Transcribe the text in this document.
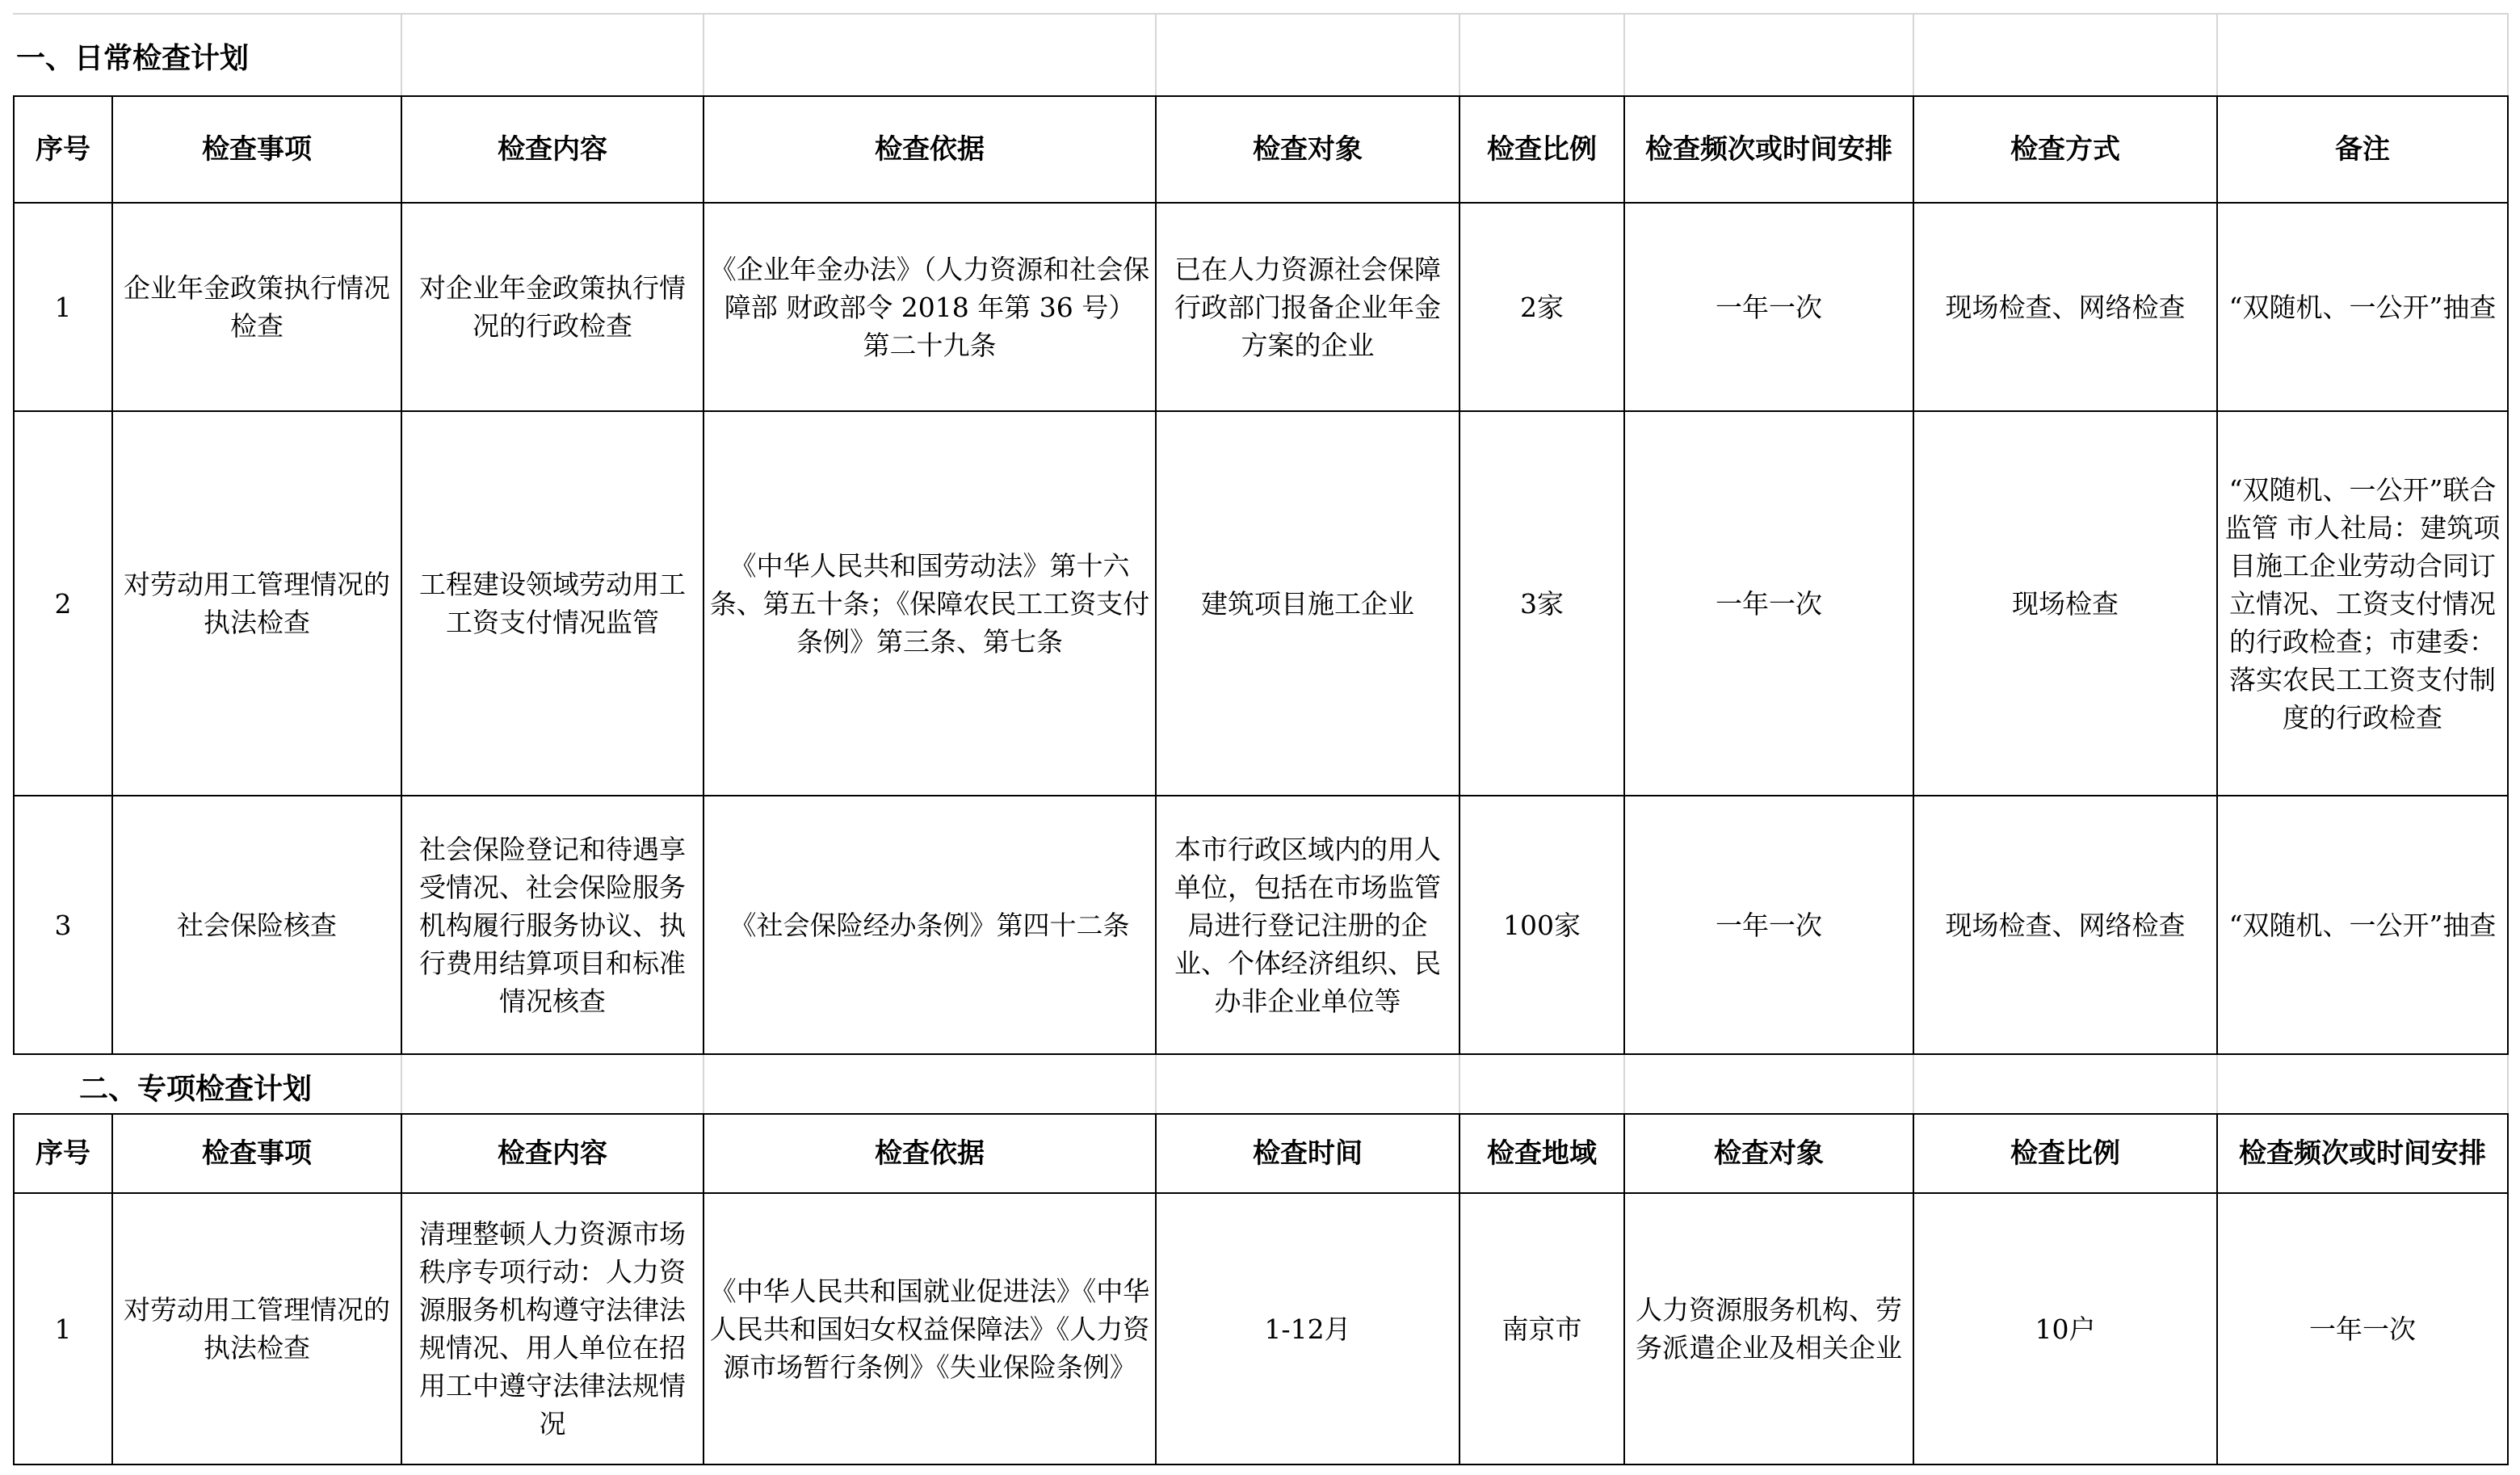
一、日常检查计划
序号	检查事项	检查内容	检查依据	检查对象	检查比例	检查频次或时间安排	检查方式	备注
1	企业年金政策执行情况检查	对企业年金政策执行情况的行政检查	《企业年金办法》（人力资源和社会保障部 财政部令 2018 年第 36 号） 第二十九条	已在人力资源社会保障行政部门报备企业年金方案的企业	2家	一年一次	现场检查、网络检查	“双随机、一公开”抽查
2	对劳动用工管理情况的执法检查	工程建设领域劳动用工工资支付情况监管	《中华人民共和国劳动法》第十六条、第五十条；《保障农民工工资支付条例》第三条、第七条	建筑项目施工企业	3家	一年一次	现场检查	“双随机、一公开”联合监管 市人社局：建筑项目施工企业劳动合同订立情况、工资支付情况的行政检查；市建委：落实农民工工资支付制度的行政检查
3	社会保险核查	社会保险登记和待遇享受情况、社会保险服务机构履行服务协议、执行费用结算项目和标准情况核查	《社会保险经办条例》第四十二条	本市行政区域内的用人单位，包括在市场监管局进行登记注册的企业、个体经济组织、民办非企业单位等	100家	一年一次	现场检查、网络检查	“双随机、一公开”抽查
二、专项检查计划
序号	检查事项	检查内容	检查依据	检查时间	检查地域	检查对象	检查比例	检查频次或时间安排
1	对劳动用工管理情况的执法检查	清理整顿人力资源市场秩序专项行动：人力资源服务机构遵守法律法规情况、用人单位在招用工中遵守法律法规情况	《中华人民共和国就业促进法》《中华人民共和国妇女权益保障法》《人力资源市场暂行条例》《失业保险条例》	1-12月	南京市	人力资源服务机构、劳务派遣企业及相关企业	10户	一年一次
